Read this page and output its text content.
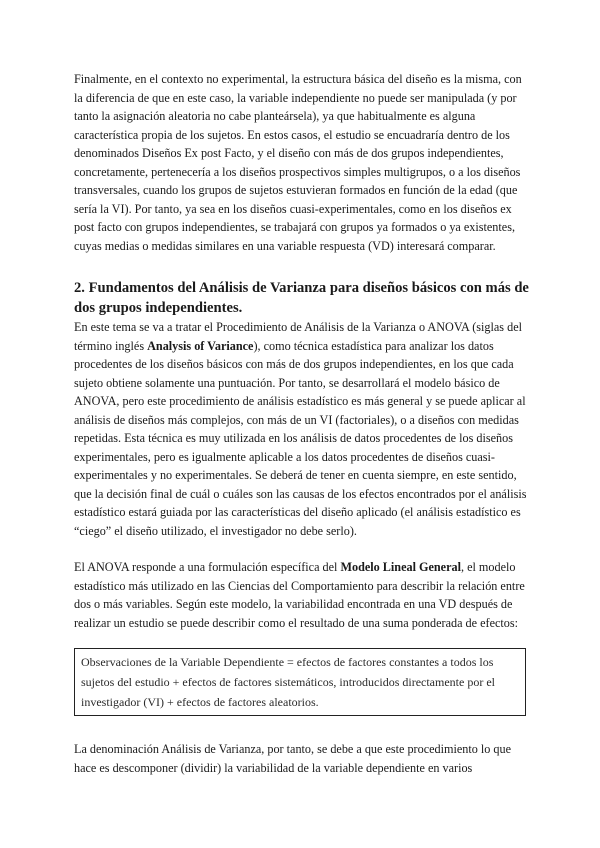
Finalmente, en el contexto no experimental, la estructura básica del diseño es la misma, con la diferencia de que en este caso, la variable independiente no puede ser manipulada (y por tanto la asignación aleatoria no cabe planteársela), ya que habitualmente es alguna característica propia de los sujetos. En estos casos, el estudio se encuadraría dentro de los denominados Diseños Ex post Facto, y el diseño con más de dos grupos independientes, concretamente, pertenecería a los diseños prospectivos simples multigrupos, o a los diseños transversales, cuando los grupos de sujetos estuvieran formados en función de la edad (que sería la VI). Por tanto, ya sea en los diseños cuasi-experimentales, como en los diseños ex post facto con grupos independientes, se trabajará con grupos ya formados o ya existentes, cuyas medias o medidas similares en una variable respuesta (VD) interesará comparar.

2. Fundamentos del Análisis de Varianza para diseños básicos con más de dos grupos independientes.

En este tema se va a tratar el Procedimiento de Análisis de la Varianza o ANOVA (siglas del término inglés Analysis of Variance), como técnica estadística para analizar los datos procedentes de los diseños básicos con más de dos grupos independientes, en los que cada sujeto obtiene solamente una puntuación. Por tanto, se desarrollará el modelo básico de ANOVA, pero este procedimiento de análisis estadístico es más general y se puede aplicar al análisis de diseños más complejos, con más de un VI (factoriales), o a diseños con medidas repetidas. Esta técnica es muy utilizada en los análisis de datos procedentes de los diseños experimentales, pero es igualmente aplicable a los datos procedentes de diseños cuasi-experimentales y no experimentales. Se deberá de tener en cuenta siempre, en este sentido, que la decisión final de cuál o cuáles son las causas de los efectos encontrados por el análisis estadístico estará guiada por las características del diseño aplicado (el análisis estadístico es “ciego” el diseño utilizado, el investigador no debe serlo).

El ANOVA responde a una formulación específica del Modelo Lineal General, el modelo estadístico más utilizado en las Ciencias del Comportamiento para describir la relación entre dos o más variables. Según este modelo, la variabilidad encontrada en una VD después de realizar un estudio se puede describir como el resultado de una suma ponderada de efectos:

Observaciones de la Variable Dependiente = efectos de factores constantes a todos los sujetos del estudio + efectos de factores sistemáticos, introducidos directamente por el investigador (VI) + efectos de factores aleatorios.

La denominación Análisis de Varianza, por tanto, se debe a que este procedimiento lo que hace es descomponer (dividir) la variabilidad de la variable dependiente en varios
